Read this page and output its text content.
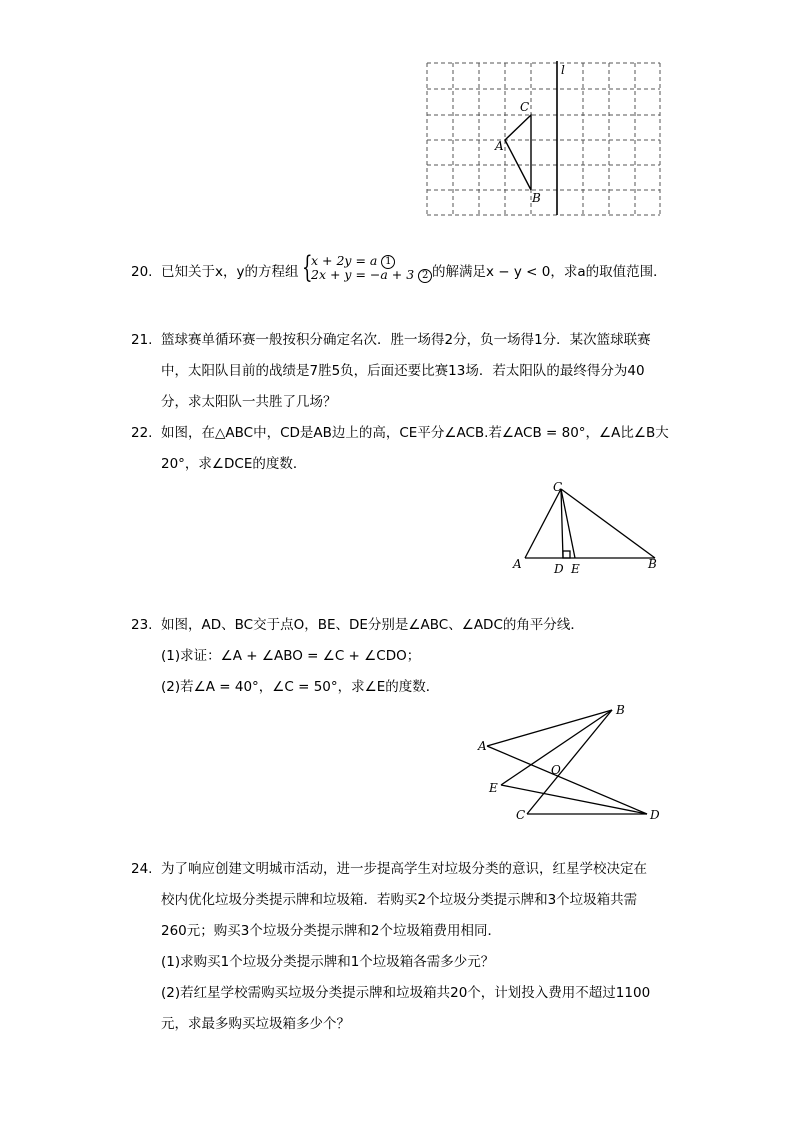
l
C
A
B
20. 已知关于x，y的方程组 {
x + 2y = a 1
2x + y = −a + 3 2 的解满足x − y < 0，求a的取值范围．
21. 篮球赛单循环赛一般按积分确定名次．胜一场得2分，负一场得1分．某次篮球联赛
中，太阳队目前的战绩是7胜5负，后面还要比赛13场．若太阳队的最终得分为40
分，求太阳队一共胜了几场？
22. 如图，在△ABC中，CD是AB边上的高，CE平分∠ACB.若∠ACB = 80°，∠A比∠B大
20°，求∠DCE的度数．
C
A	D E	B
23. 如图，AD、BC交于点O，BE、DE分别是∠ABC、∠ADC的角平分线．
(1)求证：∠A + ∠ABO = ∠C + ∠CDO；
(2)若∠A = 40°，∠C = 50°，求∠E的度数．
B
A
O
E
C	D
24. 为了响应创建文明城市活动，进一步提高学生对垃圾分类的意识，红星学校决定在
校内优化垃圾分类提示牌和垃圾箱．若购买2个垃圾分类提示牌和3个垃圾箱共需
260元；购买3个垃圾分类提示牌和2个垃圾箱费用相同．
(1)求购买1个垃圾分类提示牌和1个垃圾箱各需多少元？
(2)若红星学校需购买垃圾分类提示牌和垃圾箱共20个，计划投入费用不超过1100
元，求最多购买垃圾箱多少个？
